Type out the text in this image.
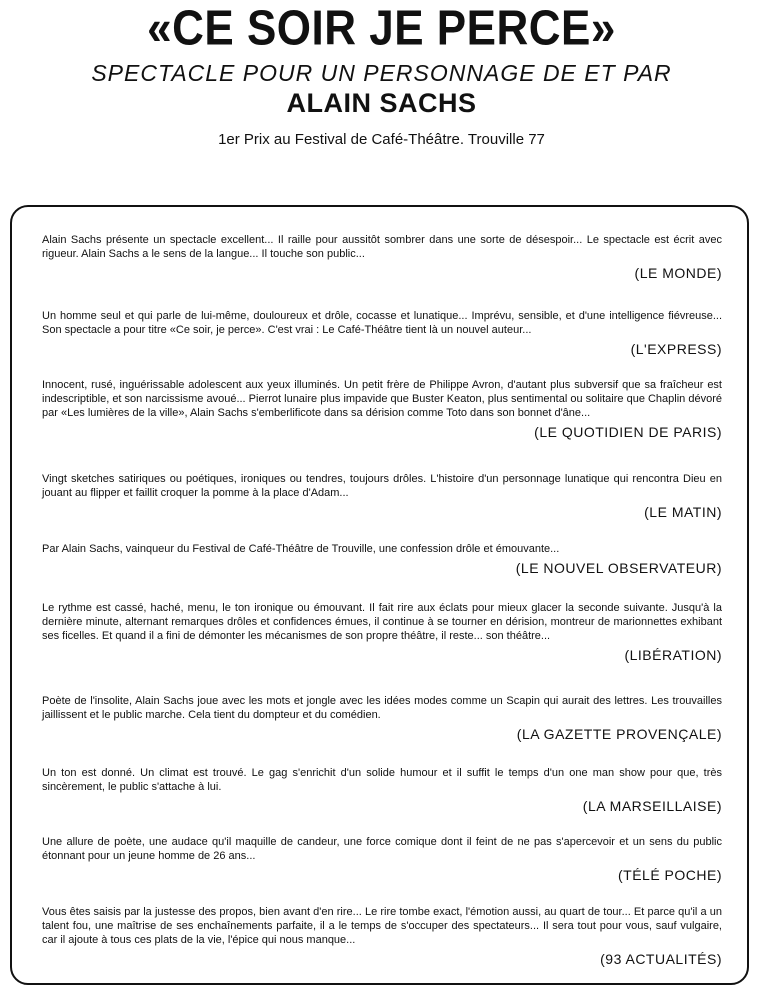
«CE SOIR JE PERCE»
SPECTACLE POUR UN PERSONNAGE DE ET PAR
ALAIN SACHS
1er Prix au Festival de Café-Théâtre. Trouville 77

Alain Sachs présente un spectacle excellent... Il raille pour aussitôt sombrer dans une sorte de désespoir... Le spectacle est écrit avec rigueur. Alain Sachs a le sens de la langue... Il touche son public...

(LE MONDE)

Un homme seul et qui parle de lui-même, douloureux et drôle, cocasse et lunatique... Imprévu, sensible, et d'une intelligence fiévreuse... Son spectacle a pour titre «Ce soir, je perce». C'est vrai : Le Café-Théâtre tient là un nouvel auteur...

(L'EXPRESS)

Innocent, rusé, inguérissable adolescent aux yeux illuminés. Un petit frère de Philippe Avron, d'autant plus subversif que sa fraîcheur est indescriptible, et son narcissisme avoué... Pierrot lunaire plus impavide que Buster Keaton, plus sentimental ou solitaire que Chaplin dévoré par «Les lumières de la ville», Alain Sachs s'emberlificote dans sa dérision comme Toto dans son bonnet d'âne...

(LE QUOTIDIEN DE PARIS)

Vingt sketches satiriques ou poétiques, ironiques ou tendres, toujours drôles. L'histoire d'un personnage lunatique qui rencontra Dieu en jouant au flipper et faillit croquer la pomme à la place d'Adam...

(LE MATIN)

Par Alain Sachs, vainqueur du Festival de Café-Théâtre de Trouville, une confession drôle et émouvante...

(LE NOUVEL OBSERVATEUR)

Le rythme est cassé, haché, menu, le ton ironique ou émouvant. Il fait rire aux éclats pour mieux glacer la seconde suivante. Jusqu'à la dernière minute, alternant remarques drôles et confidences émues, il continue à se tourner en dérision, montreur de marionnettes exhibant ses ficelles. Et quand il a fini de démonter les mécanismes de son propre théâtre, il reste... son théâtre...

(LIBÉRATION)

Poète de l'insolite, Alain Sachs joue avec les mots et jongle avec les idées modes comme un Scapin qui aurait des lettres. Les trouvailles jaillissent et le public marche. Cela tient du dompteur et du comédien.

(LA GAZETTE PROVENÇALE)

Un ton est donné. Un climat est trouvé. Le gag s'enrichit d'un solide humour et il suffit le temps d'un one man show pour que, très sincèrement, le public s'attache à lui.

(LA MARSEILLAISE)

Une allure de poète, une audace qu'il maquille de candeur, une force comique dont il feint de ne pas s'apercevoir et un sens du public étonnant pour un jeune homme de 26 ans...

(TÉLÉ POCHE)

Vous êtes saisis par la justesse des propos, bien avant d'en rire... Le rire tombe exact, l'émotion aussi, au quart de tour... Et parce qu'il a un talent fou, une maîtrise de ses enchaînements parfaite, il a le temps de s'occuper des spectateurs... Il sera tout pour vous, sauf vulgaire, car il ajoute à tous ces plats de la vie, l'épice qui nous manque...

(93 ACTUALITÉS)
